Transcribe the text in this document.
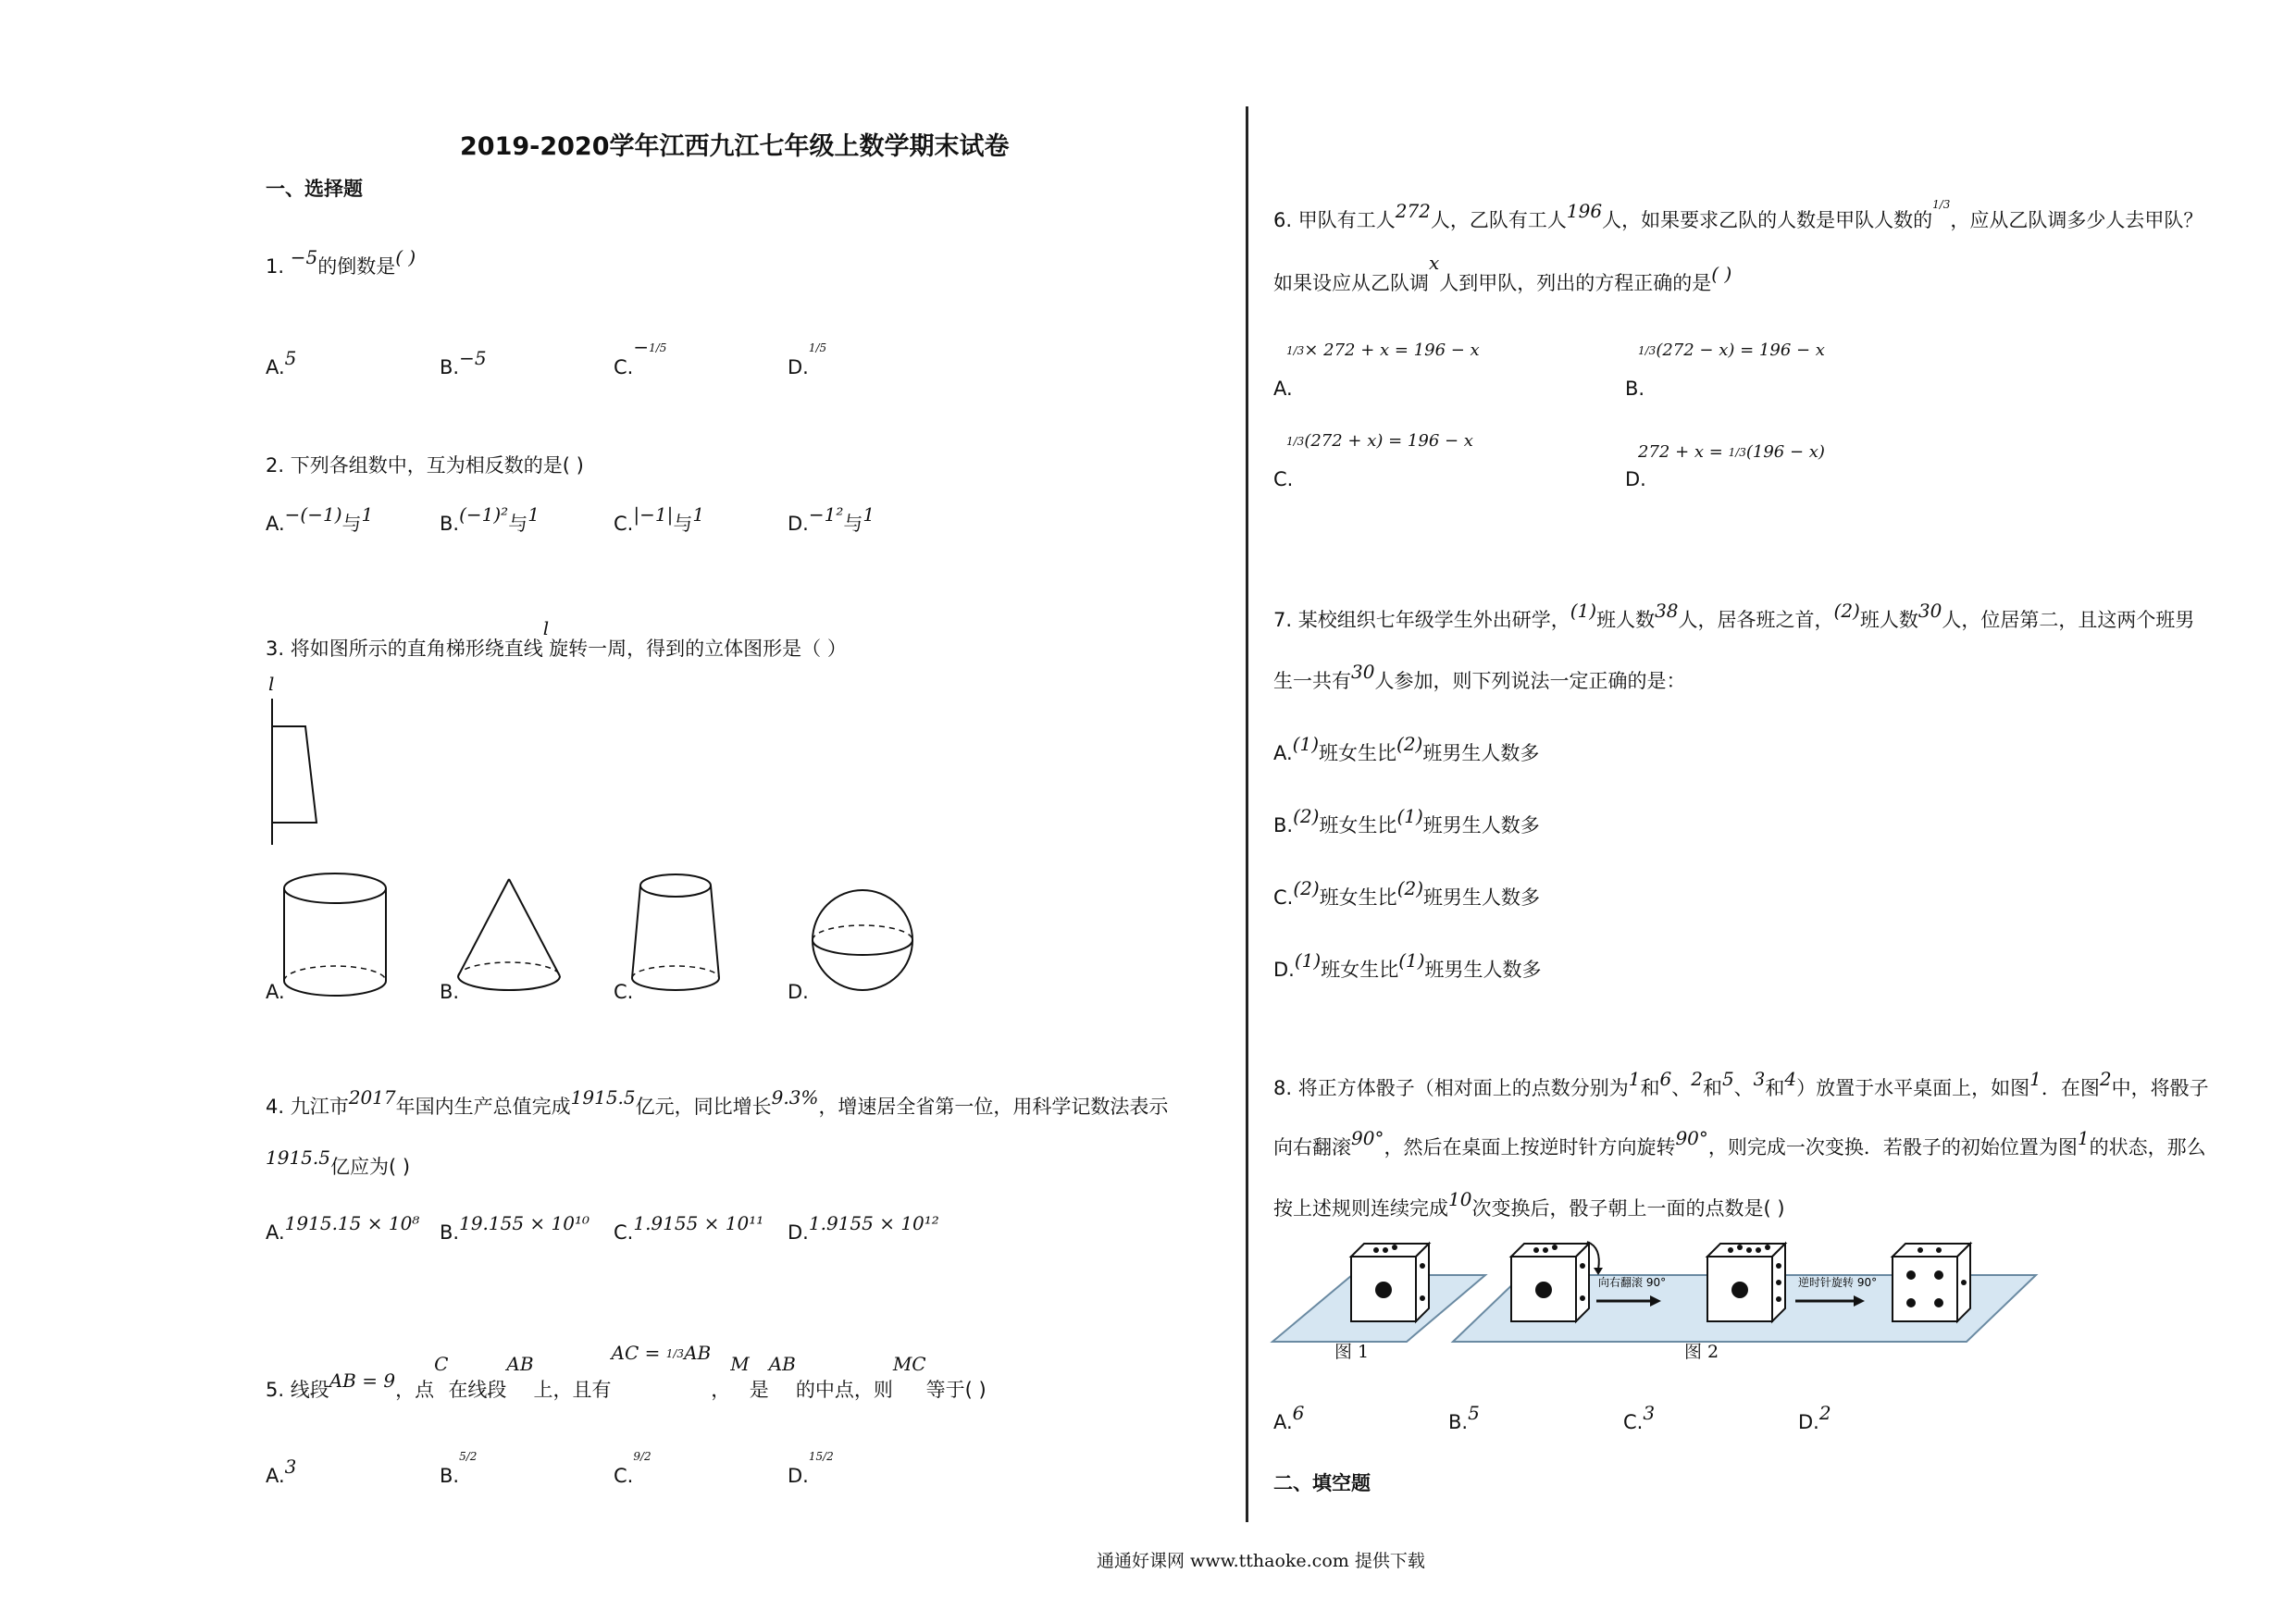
2019-2020学年江西九江七年级上数学期末试卷
一、选择题
1. −5的倒数是( )
A.5	B.−5	C.−1/5
D.1/5
2. 下列各组数中，互为相反数的是( )
A.−(−1)与1	B.(−1)²与1	C.|−1|与1	D.−1²与1
3. 将如图所示的直角梯形绕直线l旋转一周，得到的立体图形是（ ）
l
A.	B.	C.	D.
4. 九江市2017年国内生产总值完成1915.5亿元，同比增长9.3%，增速居全省第一位，用科学记数法表示
1915.5亿应为( )
A.1915.15 × 10⁸ B.19.155 × 10¹⁰ C.1.9155 × 10¹¹ D.1.9155 × 10¹²
5. 线段AB = 9，点C在线段AB上，且有AC = 1/3AB，M是AB的中点，则MC等于( )
A.3	B.5/2
C.9/2
D.15/2
6. 甲队有工人272人，乙队有工人196人，如果要求乙队的人数是甲队人数的1/3，应从乙队调多少人去甲队？
如果设应从乙队调x人到甲队，列出的方程正确的是( )
1/3× 272 + x = 196 − x
A.
1/3(272 − x) = 196 − x
B.
1/3(272 + x) = 196 − x
C.
272 + x = 1/3(196 − x)
D.
7. 某校组织七年级学生外出研学，(1)班人数38人，居各班之首，(2)班人数30人，位居第二，且这两个班男
生一共有30人参加，则下列说法一定正确的是：
A.(1)班女生比(2)班男生人数多
B.(2)班女生比(1)班男生人数多
C.(2)班女生比(2)班男生人数多
D.(1)班女生比(1)班男生人数多
8. 将正方体骰子（相对面上的点数分别为1和6、2和5、3和4）放置于水平桌面上，如图1．在图2中，将骰子
向右翻滚90°，然后在桌面上按逆时针方向旋转90°，则完成一次变换．若骰子的初始位置为图1的状态，那么
按上述规则连续完成10次变换后，骰子朝上一面的点数是( )
向右翻滚 90°	逆时针旋转 90°
图 1	图 2
A.6	B.5	C.3	D.2
二、填空题
通通好课网 www.tthaoke.com 提供下载
